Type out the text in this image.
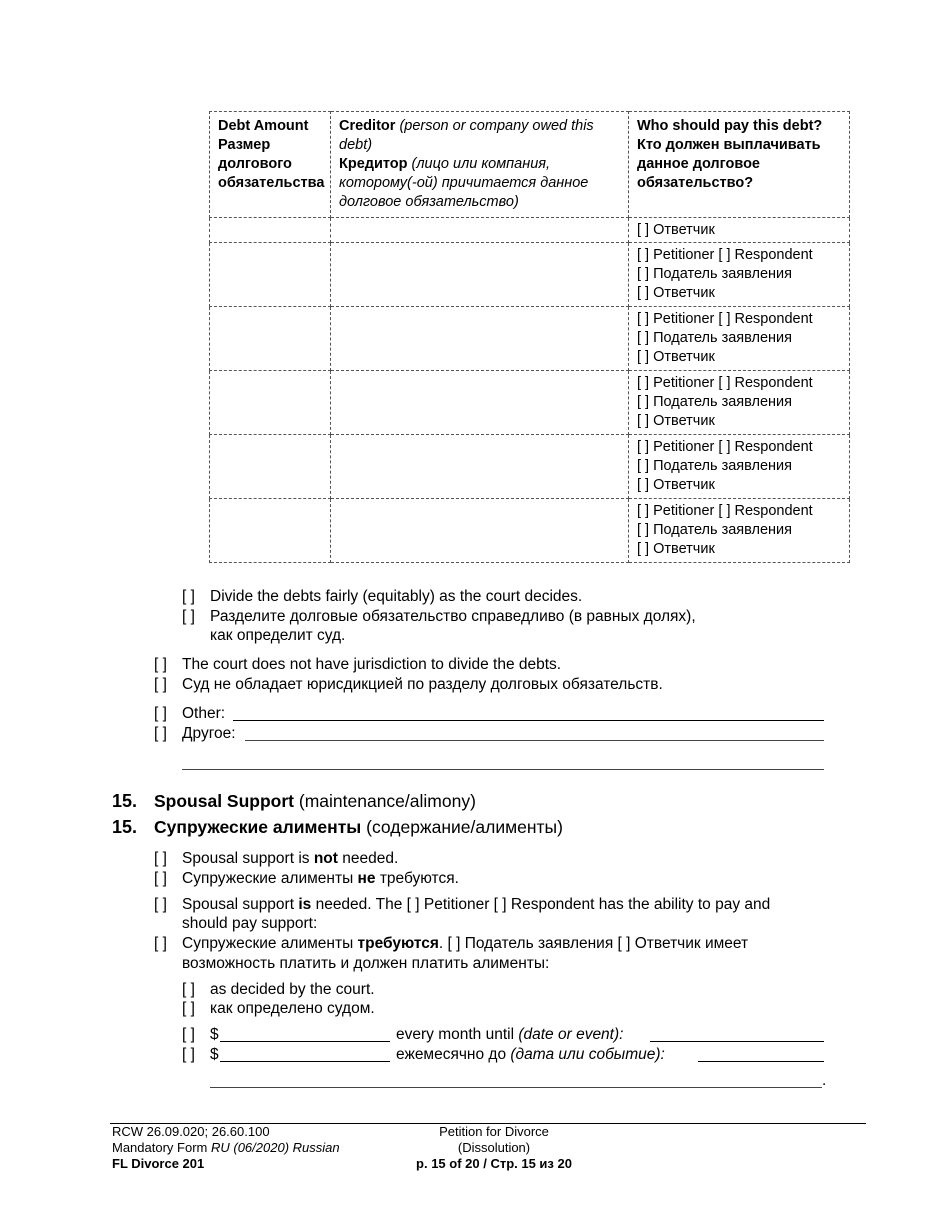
Debt Amount
Размер
долгового
обязательства	Creditor (person or company owed this
debt)
Кредитор (лицо или компания,
которому(-ой) причитается данное
долговое обязательство)	Who should pay this debt?
Кто должен выплачивать
данное долговое
обязательство?

		[ ] Ответчик

		[ ] Petitioner [ ] Respondent
[ ] Податель заявления
[ ] Ответчик

		[ ] Petitioner [ ] Respondent
[ ] Податель заявления
[ ] Ответчик

		[ ] Petitioner [ ] Respondent
[ ] Податель заявления
[ ] Ответчик

		[ ] Petitioner [ ] Respondent
[ ] Податель заявления
[ ] Ответчик

		[ ] Petitioner [ ] Respondent
[ ] Податель заявления
[ ] Ответчик
[ ] Divide the debts fairly (equitably) as the court decides.
[ ] Разделите долговые обязательство справедливо (в равных долях),
как определит суд.
[ ] The court does not have jurisdiction to divide the debts.
[ ] Суд не обладает юрисдикцией по разделу долговых обязательств.
[ ] Other:
[ ] Другое:
15. Spousal Support (maintenance/alimony)
15. Супружеские алименты (содержание/алименты)
[ ] Spousal support is not needed.
[ ] Супружеские алименты не требуются.
[ ] Spousal support is needed. The [ ] Petitioner [ ] Respondent has the ability to pay and
should pay support:
[ ] Супружеские алименты требуются. [ ] Податель заявления [ ] Ответчик имеет
возможность платить и должен платить алименты:
[ ] as decided by the court.
[ ] как определено судом.
[ ] $	every month until (date or event):
[ ] $	ежемесячно до (дата или событие):
.
RCW 26.09.020; 26.60.100
Mandatory Form RU (06/2020) Russian
FL Divorce 201
Petition for Divorce
(Dissolution)
p. 15 of 20 / Стр. 15 из 20
